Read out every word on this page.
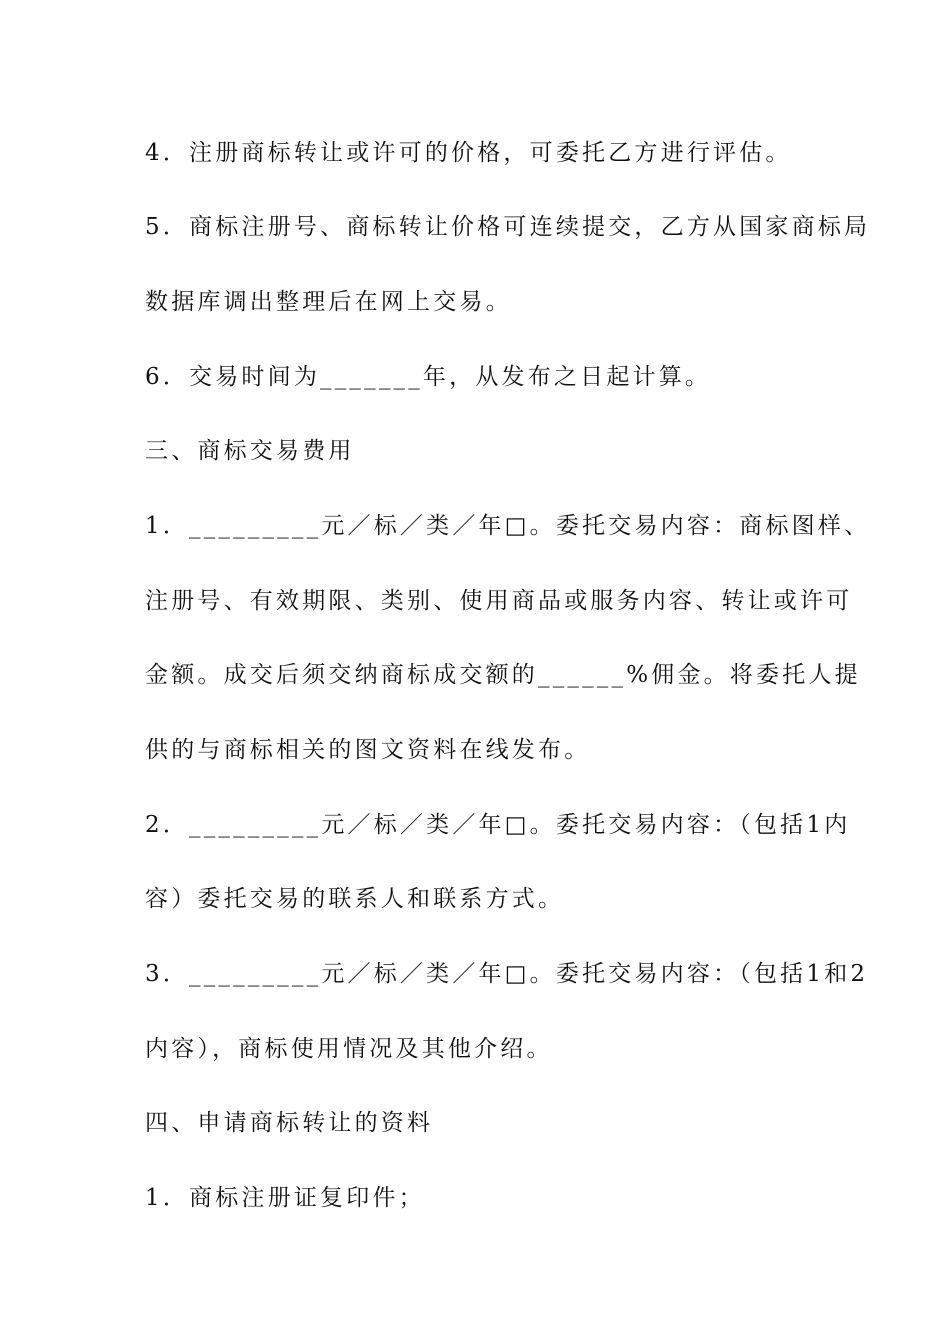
4．注册商标转让或许可的价格，可委托乙方进行评估。
5．商标注册号、商标转让价格可连续提交，乙方从国家商标局
数据库调出整理后在网上交易。
6．交易时间为_______年，从发布之日起计算。
三、商标交易费用
1．_________元／标／类／年□。委托交易内容：商标图样、
注册号、有效期限、类别、使用商品或服务内容、转让或许可
金额。成交后须交纳商标成交额的______%佣金。将委托人提
供的与商标相关的图文资料在线发布。
2．_________元／标／类／年□。委托交易内容：（包括1内
容）委托交易的联系人和联系方式。
3．_________元／标／类／年□。委托交易内容：（包括1和2
内容），商标使用情况及其他介绍。
四、申请商标转让的资料
1．商标注册证复印件；
